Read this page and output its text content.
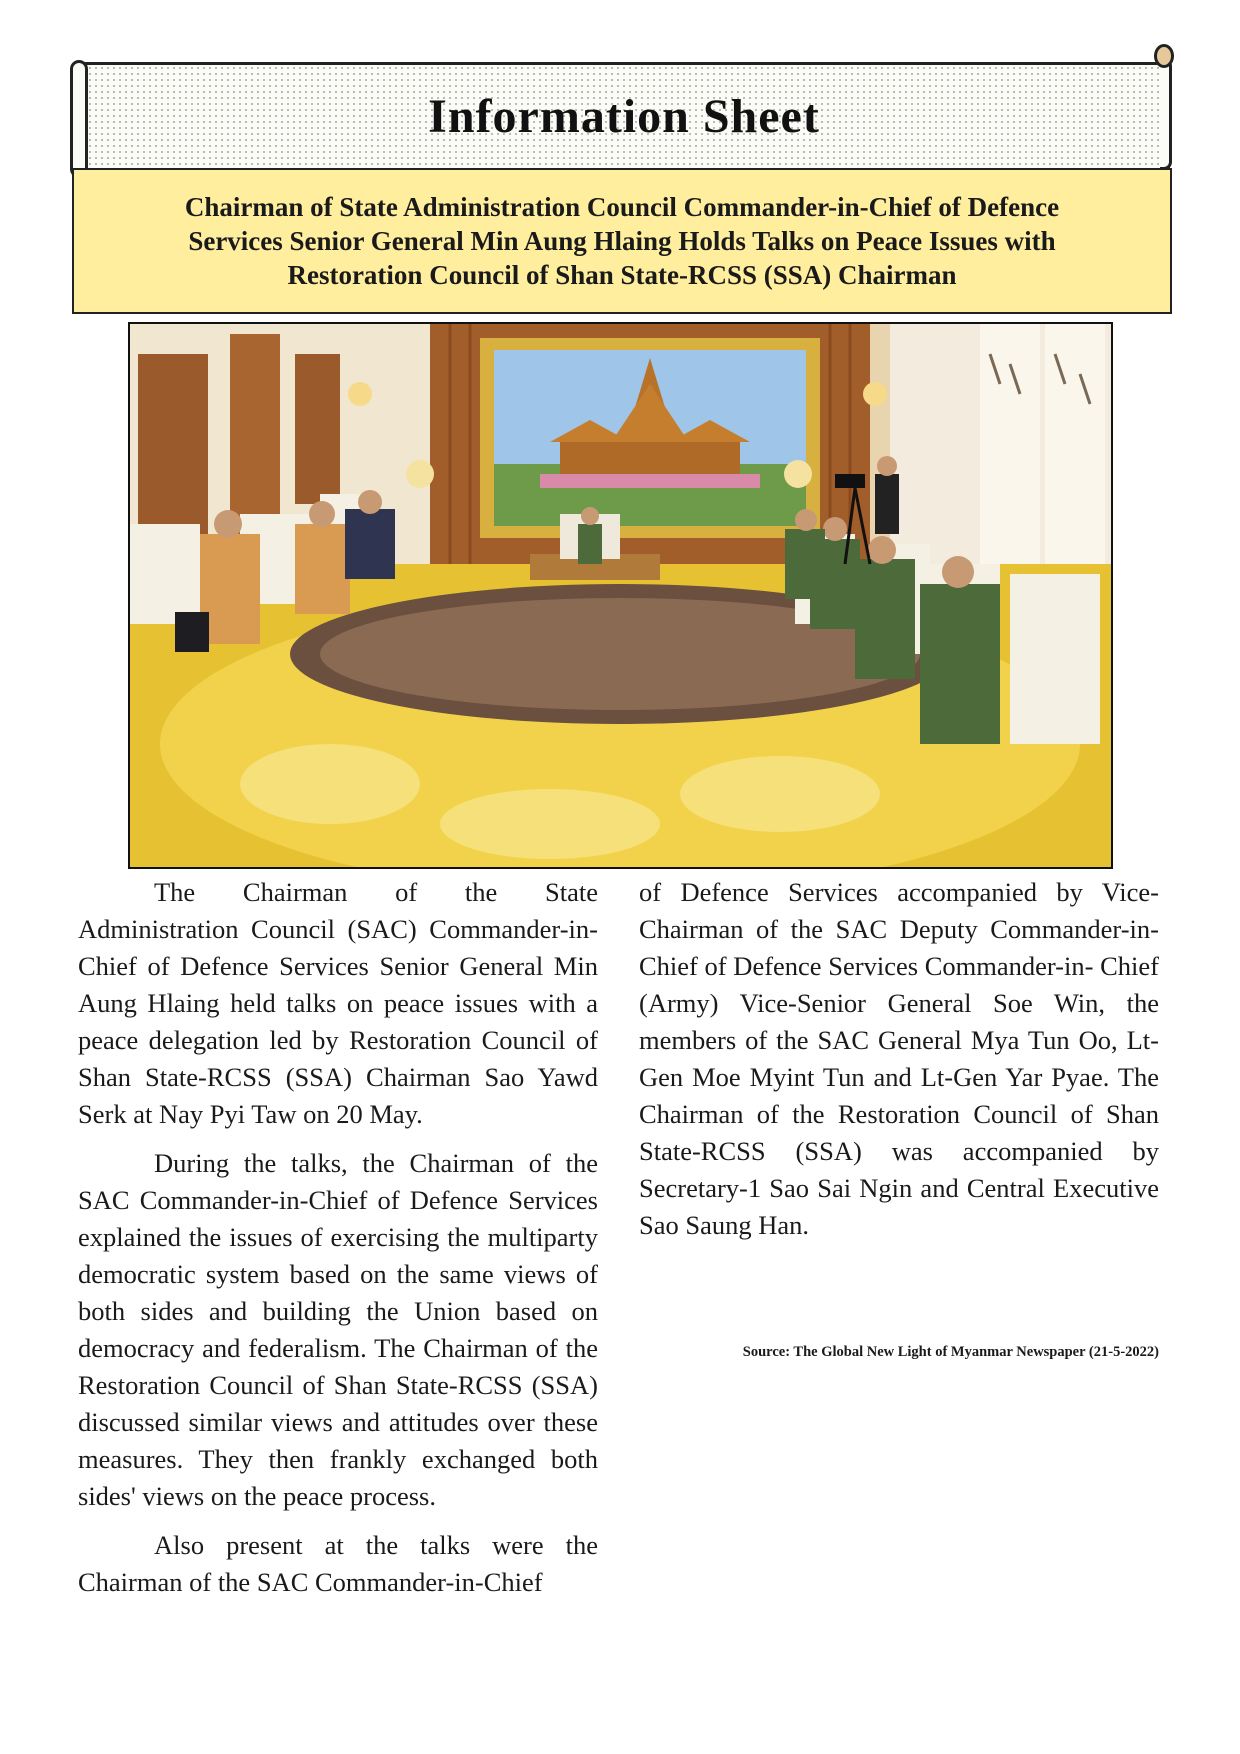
Information Sheet
Chairman of State Administration Council Commander-in-Chief of Defence
Services Senior General Min Aung Hlaing Holds Talks on Peace Issues with
Restoration Council of Shan State-RCSS (SSA) Chairman

The Chairman of the State Administration Council (SAC) Commander-in-Chief of Defence Services Senior General Min Aung Hlaing held talks on peace issues with a peace delegation led by Restoration Council of Shan State-RCSS (SSA) Chairman Sao Yawd Serk at Nay Pyi Taw on 20 May.

During the talks, the Chairman of the SAC Commander-in-Chief of Defence Services explained the issues of exercising the multiparty democratic system based on the same views of both sides and building the Union based on democracy and federalism. The Chairman of the Restoration Council of Shan State-RCSS (SSA) discussed similar views and attitudes over these measures. They then frankly exchanged both sides' views on the peace process.

Also present at the talks were the Chairman of the SAC Commander-in-Chief

of Defence Services accompanied by Vice-Chairman of the SAC Deputy Commander-in-Chief of Defence Services Commander-in- Chief (Army) Vice-Senior General Soe Win, the members of the SAC General Mya Tun Oo, Lt-Gen Moe Myint Tun and Lt-Gen Yar Pyae. The Chairman of the Restoration Council of Shan State-RCSS (SSA) was accompanied by Secretary-1 Sao Sai Ngin and Central Executive Sao Saung Han.

Source: The Global New Light of Myanmar Newspaper (21-5-2022)
